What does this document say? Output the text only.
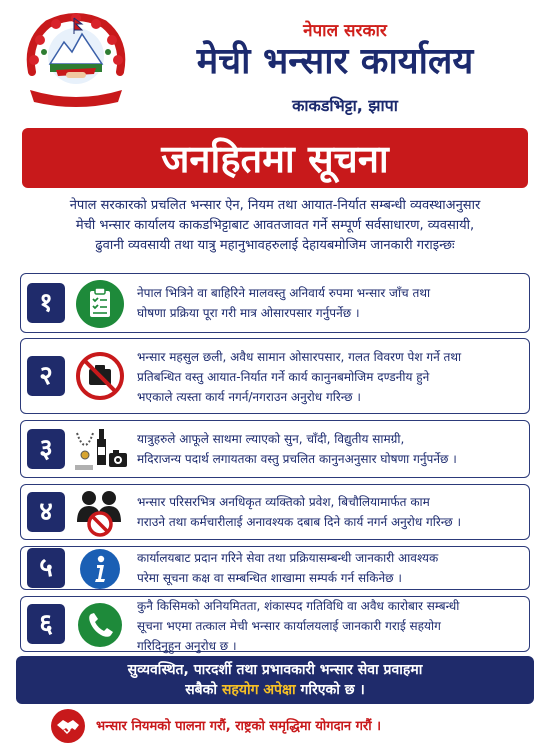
नेपाल सरकार
मेची भन्सार कार्यालय
काकडभिट्टा, झापा
जनहितमा सूचना
नेपाल सरकारको प्रचलित भन्सार ऐन, नियम तथा आयात-निर्यात सम्बन्धी व्यवस्थाअनुसार
मेची भन्सार कार्यालय काकडभिट्टाबाट आवतजावत गर्ने सम्पूर्ण सर्वसाधारण, व्यवसायी,
ढुवानी व्यवसायी तथा यात्रु महानुभावहरुलाई देहायबमोजिम जानकारी गराइन्छः
१	नेपाल भित्रिने वा बाहिरिने मालवस्तु अनिवार्य रुपमा भन्सार जाँच तथा
घोषणा प्रक्रिया पूरा गरी मात्र ओसारपसार गर्नुपर्नेछ ।
२
भन्सार महसुल छली, अवैध सामान ओसारपसार, गलत विवरण पेश गर्ने तथा
प्रतिबन्धित वस्तु आयात-निर्यात गर्ने कार्य कानुनबमोजिम दण्डनीय हुने
भएकाले त्यस्ता कार्य नगर्न/नगराउन अनुरोध गरिन्छ ।
३	यात्रुहरुले आफूले साथमा ल्याएको सुन, चाँदी, विद्युतीय सामग्री,
मदिराजन्य पदार्थ लगायतका वस्तु प्रचलित कानुनअनुसार घोषणा गर्नुपर्नेछ ।
४	भन्सार परिसरभित्र अनधिकृत व्यक्तिको प्रवेश, बिचौलियामार्फत काम
गराउने तथा कर्मचारीलाई अनावश्यक दबाब दिने कार्य नगर्न अनुरोध गरिन्छ ।
५	कार्यालयबाट प्रदान गरिने सेवा तथा प्रक्रियासम्बन्धी जानकारी आवश्यक
परेमा सूचना कक्ष वा सम्बन्धित शाखामा सम्पर्क गर्न सकिनेछ ।
६
कुनै किसिमको अनियमितता, शंकास्पद गतिविधि वा अवैध कारोबार सम्बन्धी
सूचना भएमा तत्काल मेची भन्सार कार्यालयलाई जानकारी गराई सहयोग
गरिदिनुहुन अनुरोध छ ।
सुव्यवस्थित, पारदर्शी तथा प्रभावकारी भन्सार सेवा प्रवाहमा
सबैको सहयोग अपेक्षा गरिएको छ ।
भन्सार नियमको पालना गरौं, राष्ट्रको समृद्धिमा योगदान गरौं ।
